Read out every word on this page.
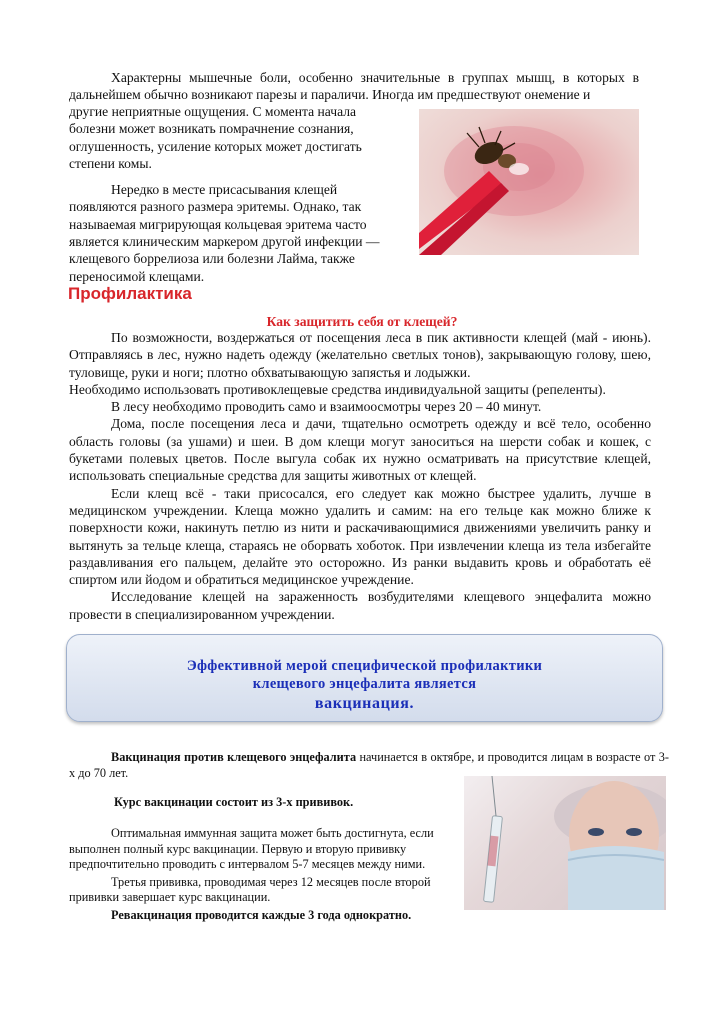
Характерны мышечные боли, особенно значительные в группах мышц, в которых в дальнейшем обычно возникают парезы и параличи. Иногда им предшествуют онемение и

другие неприятные ощущения. С момента начала болезни может возникать помрачнение сознания, оглушенность, усиление которых может достигать степени комы.

Нередко в месте присасывания клещей появляются разного размера эритемы. Однако, так называемая мигрирующая кольцевая эритема часто является клиническим маркером другой инфекции — клещевого боррелиоза или болезни Лайма, также переносимой клещами.

Профилактика

Как защитить себя от клещей?

По возможности, воздержаться от посещения леса в пик активности клещей (май - июнь). Отправляясь в лес, нужно надеть одежду (желательно светлых тонов), закрывающую голову, шею, туловище, руки и ноги; плотно обхватывающую запястья и лодыжки.

Необходимо использовать противоклещевые средства индивидуальной защиты (репеленты).

В лесу необходимо проводить само и взаимоосмотры через 20 – 40 минут.

Дома, после посещения леса и дачи, тщательно осмотреть одежду и всё тело, особенно область головы (за ушами) и шеи. В дом клещи могут заноситься на шерсти собак и кошек, с букетами полевых цветов. После выгула собак их нужно осматривать на присутствие клещей, использовать специальные средства для защиты животных от клещей.

Если клещ всё - таки присосался, его следует как можно быстрее удалить, лучше в медицинском учреждении. Клеща можно удалить и самим: на его тельце как можно ближе к поверхности кожи, накинуть петлю из нити и раскачивающимися движениями увеличить ранку и вытянуть за тельце клеща, стараясь не оборвать хоботок. При извлечении клеща из тела избегайте раздавливания его пальцем, делайте это осторожно. Из ранки выдавить кровь и обработать её спиртом или йодом и обратиться медицинское учреждение.

Исследование клещей на зараженность возбудителями клещевого энцефалита можно провести в специализированном учреждении.

Эффективной мерой специфической профилактики
клещевого энцефалита является
вакцинация.

Вакцинация против клещевого энцефалита начинается в октябре, и проводится лицам в возрасте от 3-х до 70 лет.

Курс вакцинации состоит из 3-х прививок.

Оптимальная иммунная защита может быть достигнута, если выполнен полный курс вакцинации. Первую и вторую прививку предпочтительно проводить с интервалом 5-7 месяцев между ними.

Третья прививка, проводимая через 12 месяцев после второй прививки завершает курс вакцинации.

Ревакцинация проводится каждые 3 года однократно.
